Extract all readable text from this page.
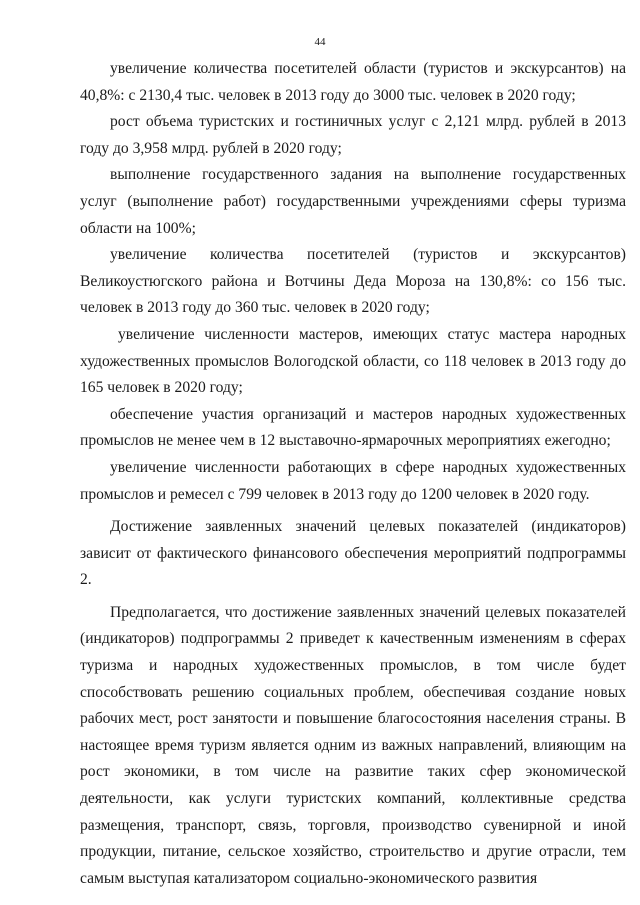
44

увеличение количества посетителей области (туристов и экскурсантов) на 40,8%: с 2130,4 тыс. человек в 2013 году до 3000 тыс. человек в 2020 году;

рост объема туристских и гостиничных услуг с 2,121 млрд. рублей в 2013 году до 3,958 млрд. рублей в 2020 году;

выполнение государственного задания на выполнение государственных услуг (выполнение работ) государственными учреждениями сферы туризма области на 100%;

увеличение количества посетителей (туристов и экскурсантов) Великоустюгского района и Вотчины Деда Мороза на 130,8%: со 156 тыс. человек в 2013 году до 360 тыс. человек в 2020 году;

увеличение численности мастеров, имеющих статус мастера народных художественных промыслов Вологодской области, со 118 человек в 2013 году до 165 человек в 2020 году;

обеспечение участия организаций и мастеров народных художественных промыслов не менее чем в 12 выставочно-ярмарочных мероприятиях ежегодно;

увеличение численности работающих в сфере народных художественных промыслов и ремесел с 799 человек в 2013 году до 1200 человек в 2020 году.

Достижение заявленных значений целевых показателей (индикаторов) зависит от фактического финансового обеспечения мероприятий подпрограммы 2.

Предполагается, что достижение заявленных значений целевых показателей (индикаторов) подпрограммы 2 приведет к качественным изменениям в сферах туризма и народных художественных промыслов, в том числе будет способствовать решению социальных проблем, обеспечивая создание новых рабочих мест, рост занятости и повышение благосостояния населения страны. В настоящее время туризм является одним из важных направлений, влияющим на рост экономики, в том числе на развитие таких сфер экономической деятельности, как услуги туристских компаний, коллективные средства размещения, транспорт, связь, торговля, производство сувенирной и иной продукции, питание, сельское хозяйство, строительство и другие отрасли, тем самым выступая катализатором социально-экономического развития
